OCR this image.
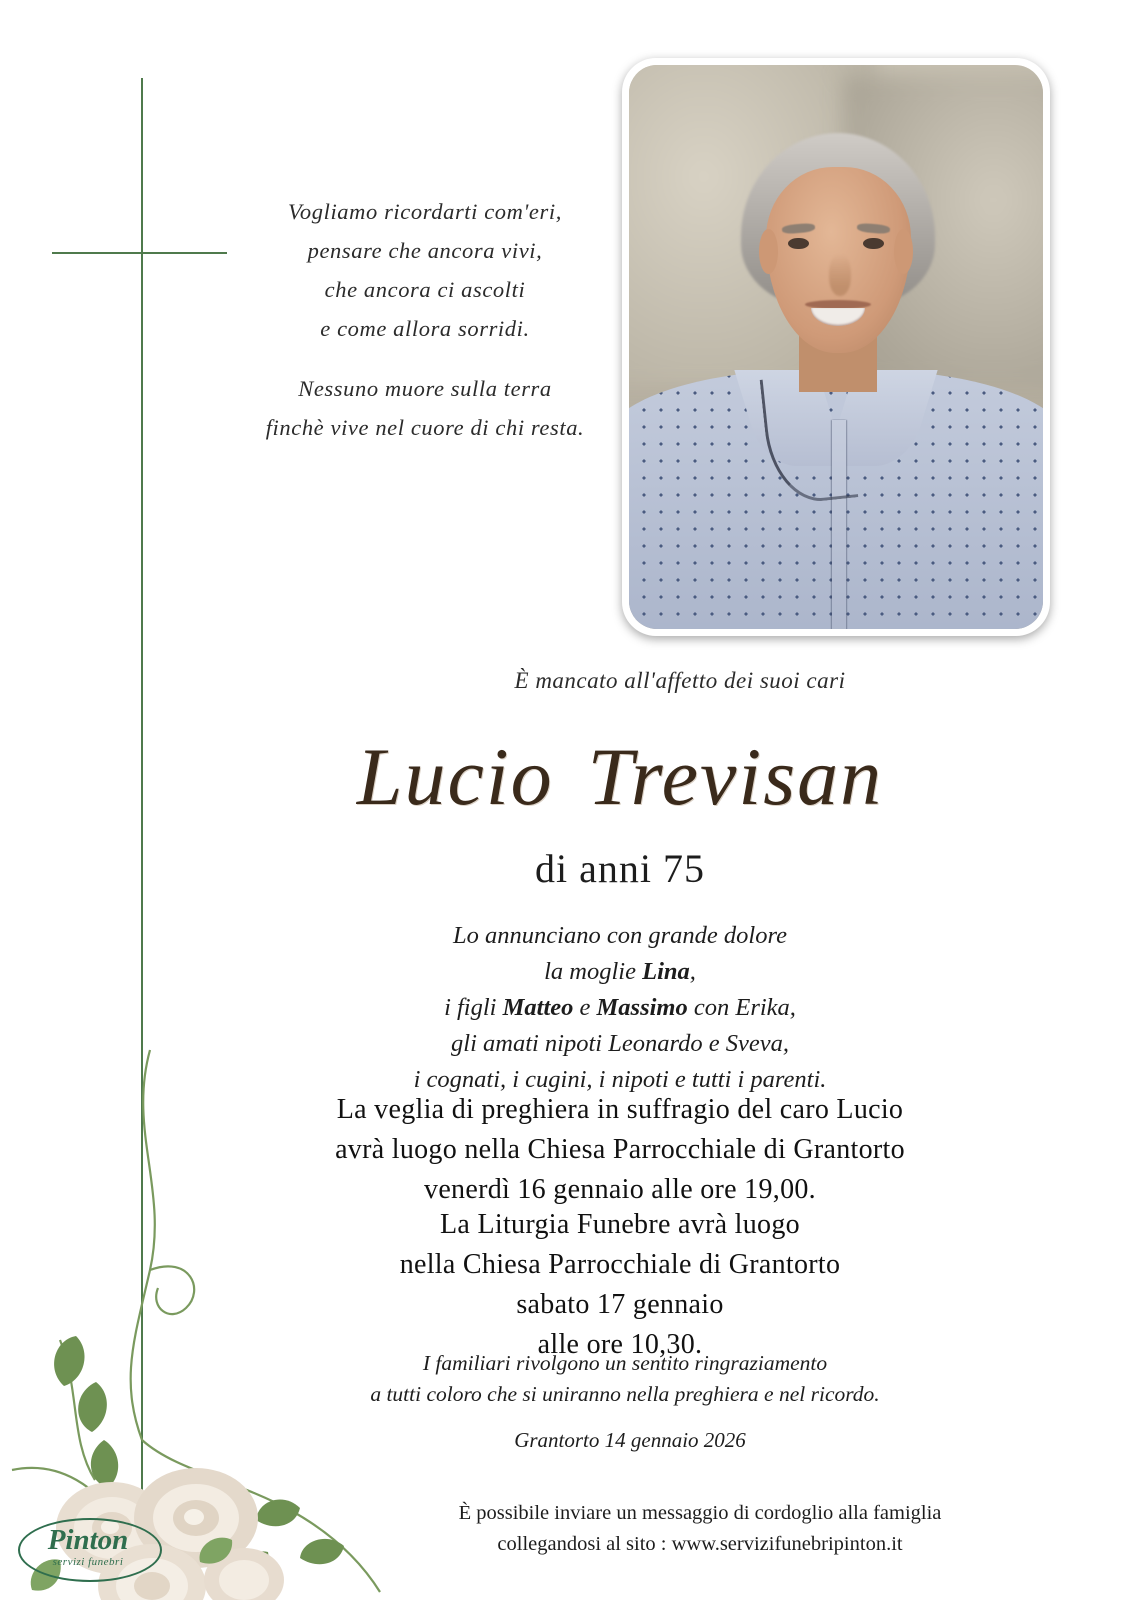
Vogliamo ricordarti com'eri,
pensare che ancora vivi,
che ancora ci ascolti
e come allora sorridi.
Nessuno muore sulla terra
finchè vive nel cuore di chi resta.
È mancato all'affetto dei suoi cari
Lucio Trevisan
di anni 75
Lo annunciano con grande dolore
la moglie Lina,
i figli Matteo e Massimo con Erika,
gli amati nipoti Leonardo e Sveva,
i cognati, i cugini, i nipoti e tutti i parenti.
La veglia di preghiera in suffragio del caro Lucio
avrà luogo nella Chiesa Parrocchiale di Grantorto
venerdì 16 gennaio alle ore 19,00.
La Liturgia Funebre avrà luogo
nella Chiesa Parrocchiale di Grantorto
sabato 17 gennaio
alle ore 10,30.
I familiari rivolgono un sentito ringraziamento
a tutti coloro che si uniranno nella preghiera e nel ricordo.
Grantorto 14 gennaio 2026
È possibile inviare un messaggio di cordoglio alla famiglia
collegandosi al sito : www.servizifunebripinton.it
Pinton
servizi funebri
